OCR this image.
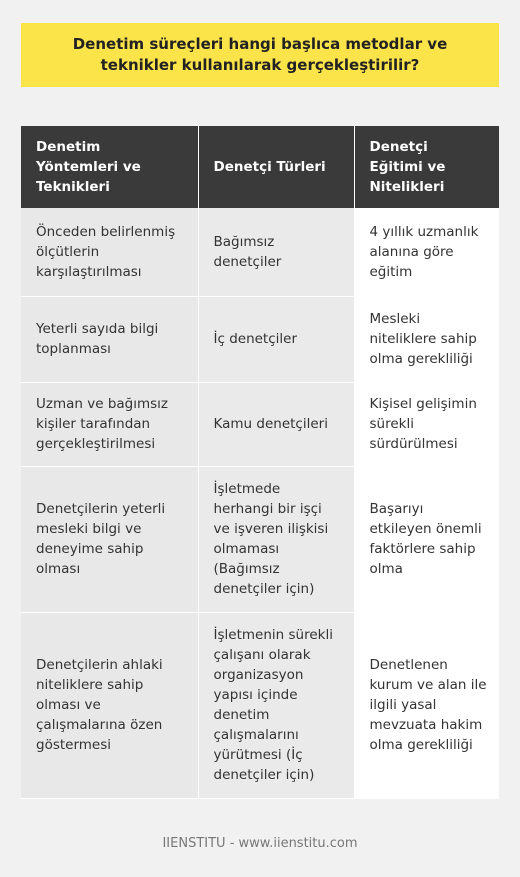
Denetim süreçleri hangi başlıca metodlar ve teknikler kullanılarak gerçekleştirilir?
Denetim Yöntemleri ve Teknikleri	Denetçi Türleri	Denetçi Eğitimi ve Nitelikleri
Önceden belirlenmiş ölçütlerin karşılaştırılması	Bağımsız denetçiler	4 yıllık uzmanlık alanına göre eğitim
Yeterli sayıda bilgi toplanması	İç denetçiler	Mesleki niteliklere sahip olma gerekliliği
Uzman ve bağımsız kişiler tarafından gerçekleştirilmesi	Kamu denetçileri	Kişisel gelişimin sürekli sürdürülmesi
Denetçilerin yeterli mesleki bilgi ve deneyime sahip olması	İşletmede herhangi bir işçi ve işveren ilişkisi olmaması (Bağımsız denetçiler için)	Başarıyı etkileyen önemli faktörlere sahip olma
Denetçilerin ahlaki niteliklere sahip olması ve çalışmalarına özen göstermesi	İşletmenin sürekli çalışanı olarak organizasyon yapısı içinde denetim çalışmalarını yürütmesi (İç denetçiler için)	Denetlenen kurum ve alan ile ilgili yasal mevzuata hakim olma gerekliliği
IIENSTITU - www.iienstitu.com
